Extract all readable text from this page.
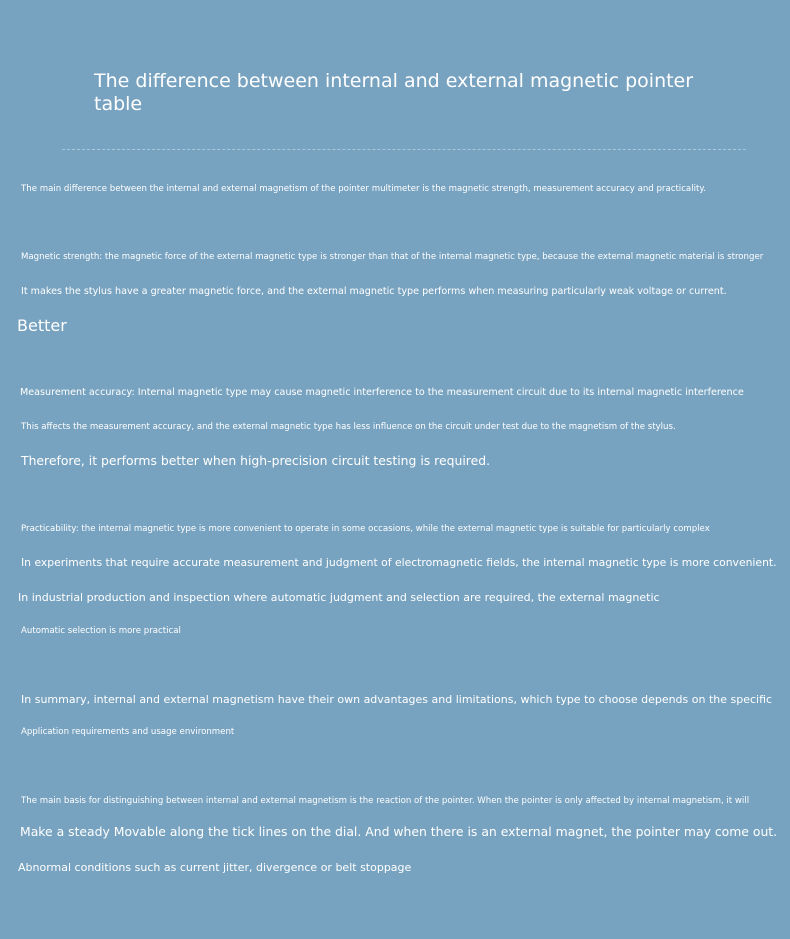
The difference between internal and external magnetic pointer table

The main difference between the internal and external magnetism of the pointer multimeter is the magnetic strength, measurement accuracy and practicality.

Magnetic strength: the magnetic force of the external magnetic type is stronger than that of the internal magnetic type, because the external magnetic material is stronger

It makes the stylus have a greater magnetic force, and the external magnetic type performs when measuring particularly weak voltage or current.

Better

Measurement accuracy: Internal magnetic type may cause magnetic interference to the measurement circuit due to its internal magnetic interference

This affects the measurement accuracy, and the external magnetic type has less influence on the circuit under test due to the magnetism of the stylus.

Therefore, it performs better when high-precision circuit testing is required.

Practicability: the internal magnetic type is more convenient to operate in some occasions, while the external magnetic type is suitable for particularly complex

In experiments that require accurate measurement and judgment of electromagnetic fields, the internal magnetic type is more convenient.

In industrial production and inspection where automatic judgment and selection are required, the external magnetic

Automatic selection is more practical

In summary, internal and external magnetism have their own advantages and limitations, which type to choose depends on the specific

Application requirements and usage environment

The main basis for distinguishing between internal and external magnetism is the reaction of the pointer. When the pointer is only affected by internal magnetism, it will

Make a steady Movable along the tick lines on the dial. And when there is an external magnet, the pointer may come out.

Abnormal conditions such as current jitter, divergence or belt stoppage
